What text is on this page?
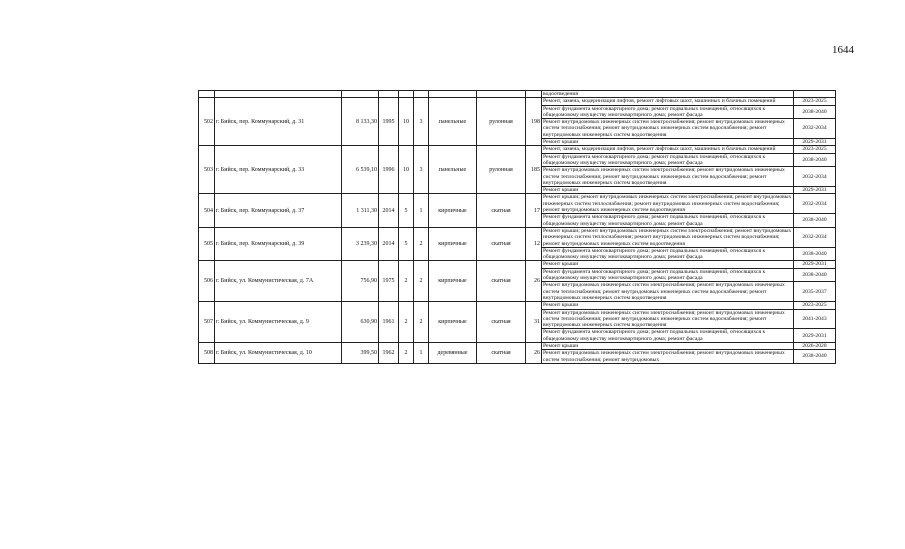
1644
									водоотведения	
502	г. Бийск, пер. Коммунарский, д. 31	8 133,30	1995	10	3	панельные	рулонная	198	Ремонт, замена, модернизация лифтов, ремонт лифтовых шахт, машинных и блочных помещений	2023-2025
									Ремонт фундамента многоквартирного дома; ремонт подвальных помещений, относящихся к общедомовому имуществу многоквартирного дома; ремонт фасада	2038-2040
									Ремонт внутридомовых инженерных систем электроснабжения; ремонт внутридомовых инженерных систем теплоснабжения; ремонт внутридомовых инженерных систем водоснабжения; ремонт внутридомовых инженерных систем водоотведения	2032-2034
									Ремонт крыши	2029-2031
503	г. Бийск, пер. Коммунарский, д. 33	6 539,10	1996	10	3	панельные	рулонная	185	Ремонт, замена, модернизация лифтов, ремонт лифтовых шахт, машинных и блочных помещений	2023-2025
									Ремонт фундамента многоквартирного дома; ремонт подвальных помещений, относящихся к общедомовому имуществу многоквартирного дома; ремонт фасада	2038-2040
									Ремонт внутридомовых инженерных систем электроснабжения; ремонт внутридомовых инженерных систем теплоснабжения; ремонт внутридомовых инженерных систем водоснабжения; ремонт внутридомовых инженерных систем водоотведения	2032-2034
									Ремонт крыши	2029-2031
504	г. Бийск, пер. Коммунарский, д. 37	1 311,30	2014	5	1	кирпичные	скатная	17	Ремонт крыши; ремонт внутридомовых инженерных систем электроснабжения; ремонт внутридомовых инженерных систем теплоснабжения; ремонт внутридомовых инженерных систем водоснабжения; ремонт внутридомовых инженерных систем водоотведения	2032-2034
									Ремонт фундамента многоквартирного дома; ремонт подвальных помещений, относящихся к общедомовому имуществу многоквартирного дома; ремонт фасада	2038-2040
505	г. Бийск, пер. Коммунарский, д. 39	3 239,30	2014	5	2	кирпичные	скатная	12	Ремонт крыши; ремонт внутридомовых инженерных систем электроснабжения; ремонт внутридомовых инженерных систем теплоснабжения; ремонт внутридомовых инженерных систем водоснабжения; ремонт внутридомовых инженерных систем водоотведения	2032-2034
									Ремонт фундамента многоквартирного дома; ремонт подвальных помещений, относящихся к общедомовому имуществу многоквартирного дома; ремонт фасада	2038-2040
506	г. Бийск, ул. Коммунистическая, д. 7А	756,90	1975	2	2	кирпичные	скатная	26	Ремонт крыши	2029-2031
									Ремонт фундамента многоквартирного дома; ремонт подвальных помещений, относящихся к общедомовому имуществу многоквартирного дома; ремонт фасада	2038-2040
									Ремонт внутридомовых инженерных систем электроснабжения; ремонт внутридомовых инженерных систем теплоснабжения; ремонт внутридомовых инженерных систем водоснабжения; ремонт внутридомовых инженерных систем водоотведения	2035-2037
507	г. Бийск, ул. Коммунистическая, д. 9	630,90	1961	2	2	кирпичные	скатная	31	Ремонт крыши	2023-2025
									Ремонт внутридомовых инженерных систем электроснабжения; ремонт внутридомовых инженерных систем теплоснабжения; ремонт внутридомовых инженерных систем водоснабжения; ремонт внутридомовых инженерных систем водоотведения	2041-2043
									Ремонт фундамента многоквартирного дома; ремонт подвальных помещений, относящихся к общедомовому имуществу многоквартирного дома; ремонт фасада	2029-2031
508	г. Бийск, ул. Коммунистическая, д. 10	399,50	1962	2	1	деревянные	скатная	26	Ремонт крыши	2026-2028
									Ремонт внутридомовых инженерных систем электроснабжения; ремонт внутридомовых инженерных систем теплоснабжения; ремонт внутридомовых	2038-2040
